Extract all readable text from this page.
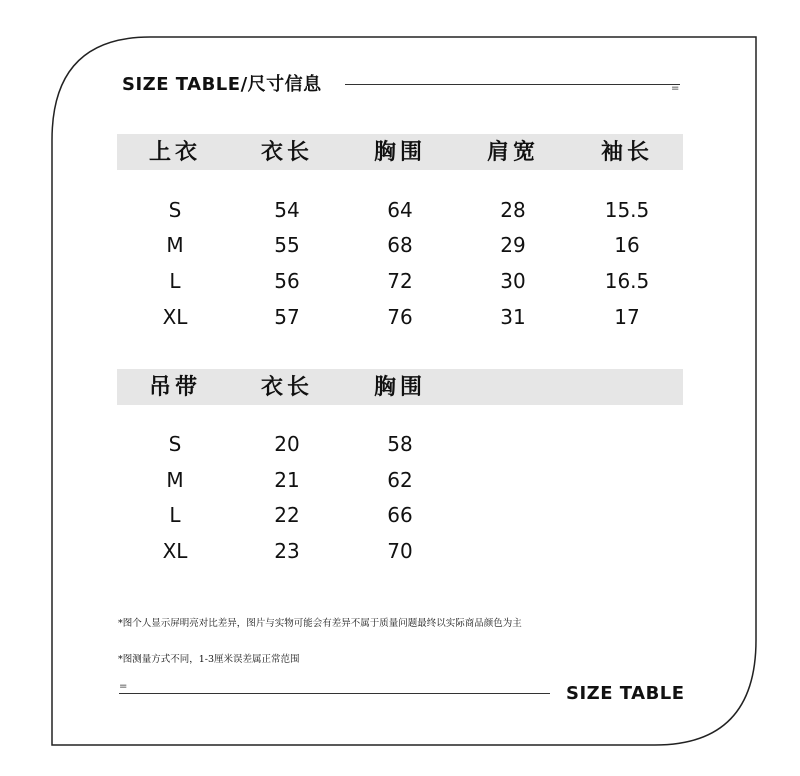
SIZE TABLE/尺寸信息	=
上衣	衣长	胸围	肩宽	袖长
S	54	64	28	15.5
M	55	68	29	16
L	56	72	30	16.5
XL	57	76	31	17
吊带	衣长	胸围
S	20	58
M	21	62
L	22	66
XL	23	70
*图个人显示屏明亮对比差异，图片与实物可能会有差异不属于质量问题最终以实际商品颜色为主
*图测量方式不同，1-3厘米误差属正常范围
=	SIZE TABLE
